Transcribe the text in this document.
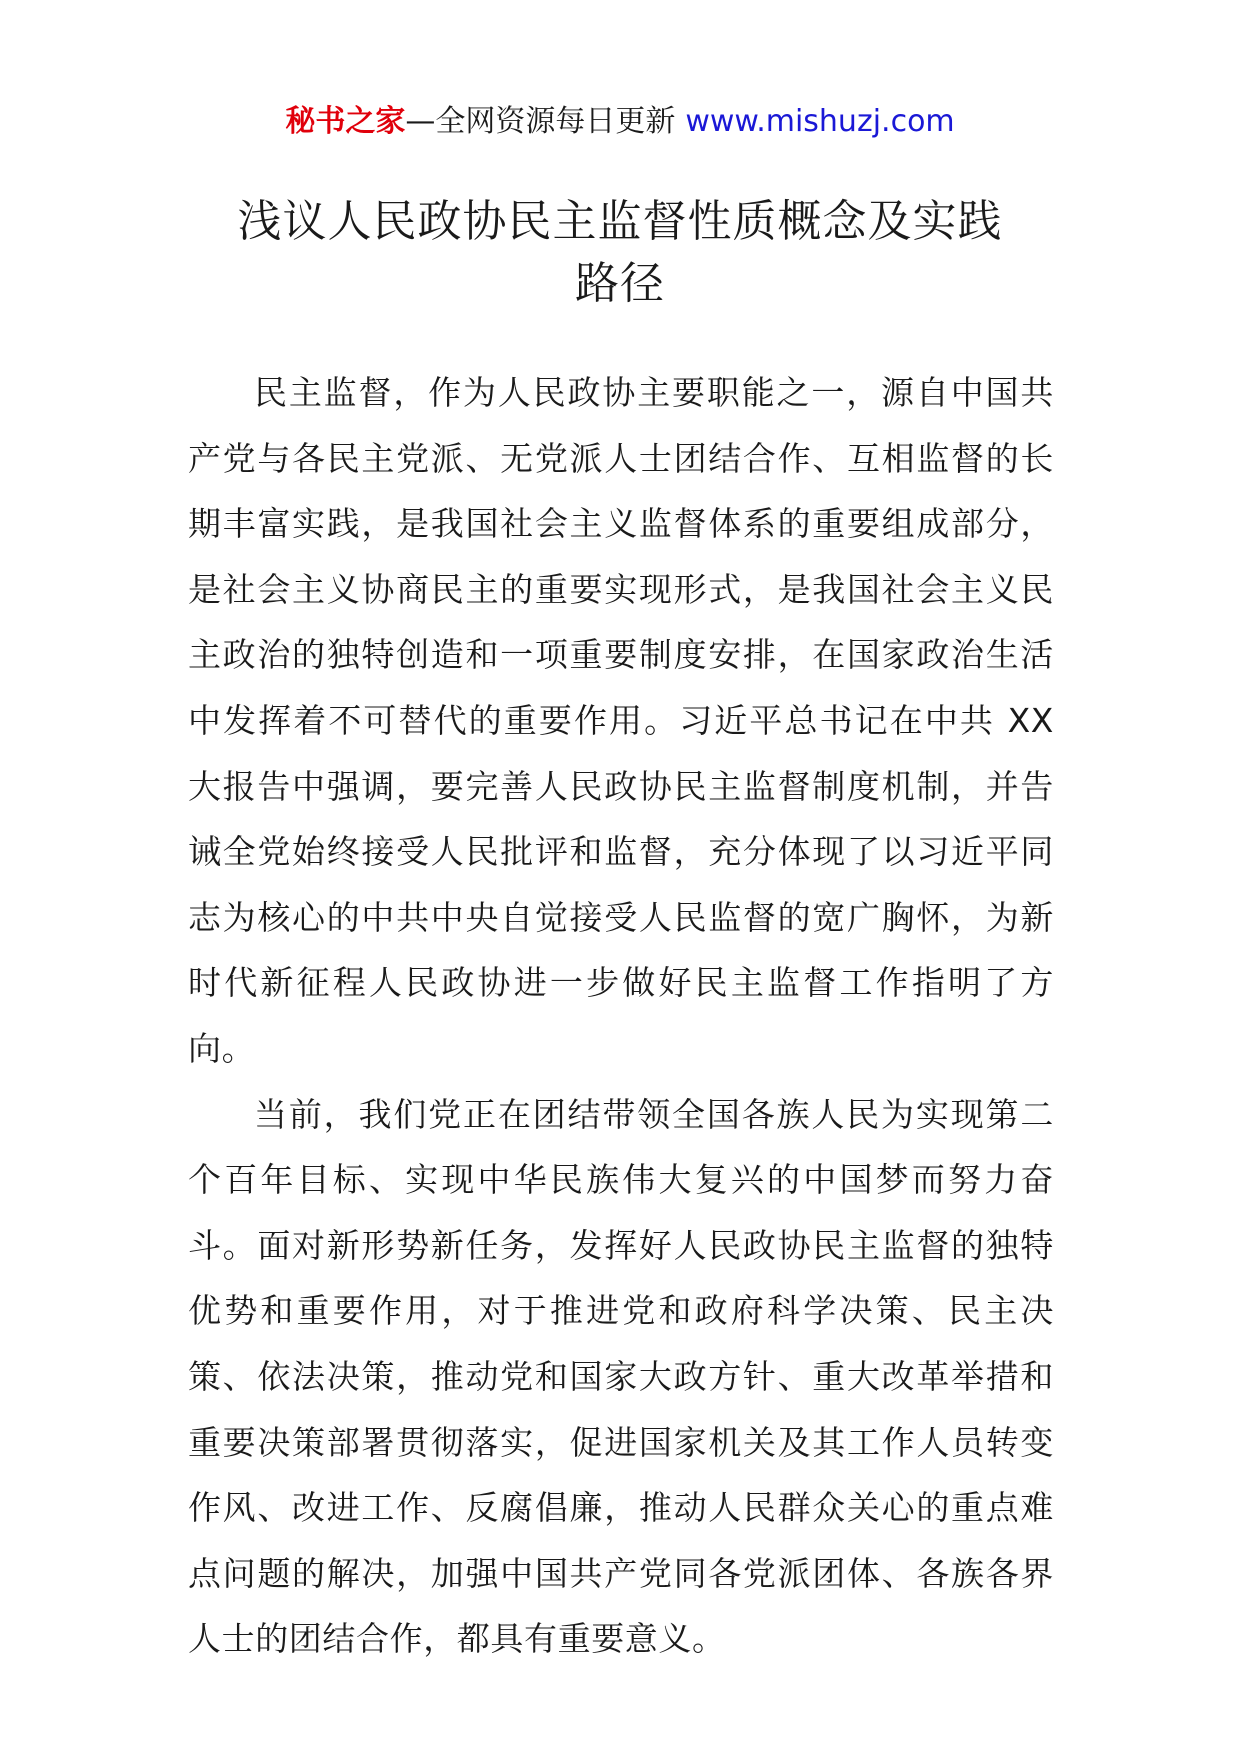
秘书之家—全网资源每日更新 www.mishuzj.com
浅议人民政协民主监督性质概念及实践路径

民主监督，作为人民政协主要职能之一，源自中国共产党与各民主党派、无党派人士团结合作、互相监督的长期丰富实践，是我国社会主义监督体系的重要组成部分，是社会主义协商民主的重要实现形式，是我国社会主义民主政治的独特创造和一项重要制度安排，在国家政治生活中发挥着不可替代的重要作用。习近平总书记在中共 XX 大报告中强调，要完善人民政协民主监督制度机制，并告诫全党始终接受人民批评和监督，充分体现了以习近平同志为核心的中共中央自觉接受人民监督的宽广胸怀，为新时代新征程人民政协进一步做好民主监督工作指明了方向。

当前，我们党正在团结带领全国各族人民为实现第二个百年目标、实现中华民族伟大复兴的中国梦而努力奋斗。面对新形势新任务，发挥好人民政协民主监督的独特优势和重要作用，对于推进党和政府科学决策、民主决策、依法决策，推动党和国家大政方针、重大改革举措和重要决策部署贯彻落实，促进国家机关及其工作人员转变作风、改进工作、反腐倡廉，推动人民群众关心的重点难点问题的解决，加强中国共产党同各党派团体、各族各界人士的团结合作，都具有重要意义。
